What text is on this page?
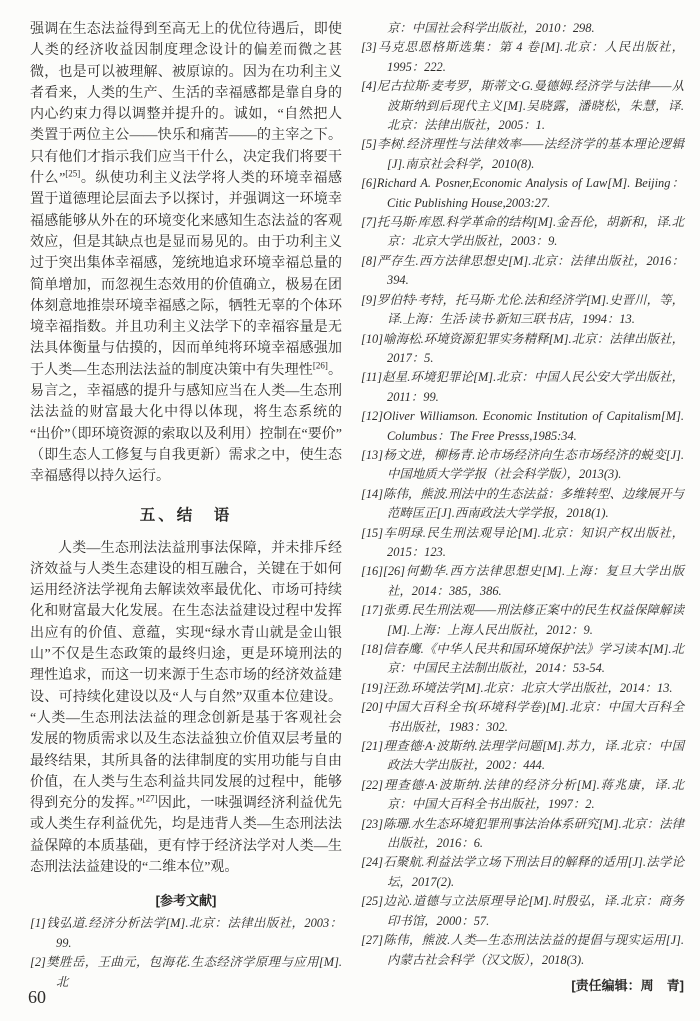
强调在生态法益得到至高无上的优位待遇后，即使人类的经济收益因制度理念设计的偏差而微之甚微，也是可以被理解、被原谅的。因为在功利主义者看来，人类的生产、生活的幸福感都是靠自身的内心约束力得以调整并提升的。诚如，“自然把人类置于两位主公——快乐和痛苦——的主宰之下。只有他们才指示我们应当干什么，决定我们将要干什么”[25]。纵使功利主义法学将人类的环境幸福感置于道德理论层面去予以探讨，并强调这一环境幸福感能够从外在的环境变化来感知生态法益的客观效应，但是其缺点也是显而易见的。由于功利主义过于突出集体幸福感，笼统地追求环境幸福总量的简单增加，而忽视生态效用的价值确立，极易在团体刻意地推崇环境幸福感之际，牺牲无辜的个体环境幸福指数。并且功利主义法学下的幸福容量是无法具体衡量与估摸的，因而单纯将环境幸福感强加于人类—生态刑法法益的制度决策中有失理性[26]。易言之，幸福感的提升与感知应当在人类—生态刑法法益的财富最大化中得以体现，将生态系统的“出价”（即环境资源的索取以及利用）控制在“要价”（即生态人工修复与自我更新）需求之中，使生态幸福感得以持久运行。

五、结　语

人类—生态刑法法益刑事法保障，并未排斥经济效益与人类生态建设的相互融合，关键在于如何运用经济法学视角去解读效率最优化、市场可持续化和财富最大化发展。在生态法益建设过程中发挥出应有的价值、意蕴，实现“绿水青山就是金山银山”不仅是生态政策的最终归途，更是环境刑法的理性追求，而这一切来源于生态市场的经济效益建设、可持续化建设以及“人与自然”双重本位建设。“人类—生态刑法法益的理念创新是基于客观社会发展的物质需求以及生态法益独立价值双层考量的最终结果，其所具备的法律制度的实用功能与自由价值，在人类与生态利益共同发展的过程中，能够得到充分的发挥。”[27]因此，一味强调经济利益优先或人类生存利益优先，均是违背人类—生态刑法法益保障的本质基础，更有悖于经济法学对人类—生态刑法法益建设的“二维本位”观。

[参考文献]
[1]钱弘道.经济分析法学[M].北京：法律出版社，2003：99.
[2]樊胜岳，王曲元，包海花.生态经济学原理与应用[M].北
京：中国社会科学出版社，2010：298.
[3]马克思恩格斯选集：第 4 卷[M].北京：人民出版社，1995：222.
[4]尼古拉斯·麦考罗，斯蒂文·G.曼德姆.经济学与法律——从波斯纳到后现代主义[M].吴晓露，潘晓松，朱慧，译.北京：法律出版社，2005：1.
[5]李树.经济理性与法律效率——法经济学的基本理论逻辑[J].南京社会科学，2010(8).
[6]Richard A. Posner,Economic Analysis of Law[M]. Beijing：Citic Publishing House,2003:27.
[7]托马斯·库恩.科学革命的结构[M].金吾伦，胡新和，译.北京：北京大学出版社，2003：9.
[8]严存生.西方法律思想史[M].北京：法律出版社，2016：394.
[9]罗伯特·考特，托马斯·尤伦.法和经济学[M].史晋川，等，译.上海：生活·读书·新知三联书店，1994：13.
[10]喻海松.环境资源犯罪实务精释[M].北京：法律出版社，2017：5.
[11]赵星.环境犯罪论[M].北京：中国人民公安大学出版社，2011：99.
[12]Oliver Williamson. Economic Institution of Capitalism[M]. Columbus：The Free Presss,1985:34.
[13]杨文进，柳杨青.论市场经济向生态市场经济的蜕变[J].中国地质大学学报（社会科学版），2013(3).
[14]陈伟，熊波.刑法中的生态法益：多维转型、边缘展开与范畴匡正[J].西南政法大学学报，2018(1).
[15]车明琭.民生刑法观导论[M].北京：知识产权出版社，2015：123.
[16][26]何勤华.西方法律思想史[M].上海：复旦大学出版社，2014：385，386.
[17]张勇.民生刑法观——刑法修正案中的民生权益保障解读[M].上海：上海人民出版社，2012：9.
[18]信春鹰.《中华人民共和国环境保护法》学习读本[M].北京：中国民主法制出版社，2014：53-54.
[19]汪劲.环境法学[M].北京：北京大学出版社，2014：13.
[20]中国大百科全书(环境科学卷)[M].北京：中国大百科全书出版社，1983：302.
[21]理查德·A·波斯纳.法理学问题[M].苏力，译.北京：中国政法大学出版社，2002：444.
[22]理查德·A·波斯纳.法律的经济分析[M].蒋兆康，译.北京：中国大百科全书出版社，1997：2.
[23]陈珊.水生态环境犯罪刑事法治体系研究[M].北京：法律出版社，2016：6.
[24]石聚航.利益法学立场下刑法目的解释的适用[J].法学论坛，2017(2).
[25]边沁.道德与立法原理导论[M].时殷弘，译.北京：商务印书馆，2000：57.
[27]陈伟，熊波.人类—生态刑法法益的提倡与现实运用[J].内蒙古社会科学（汉文版），2018(3).
[责任编辑：周　青]
60
